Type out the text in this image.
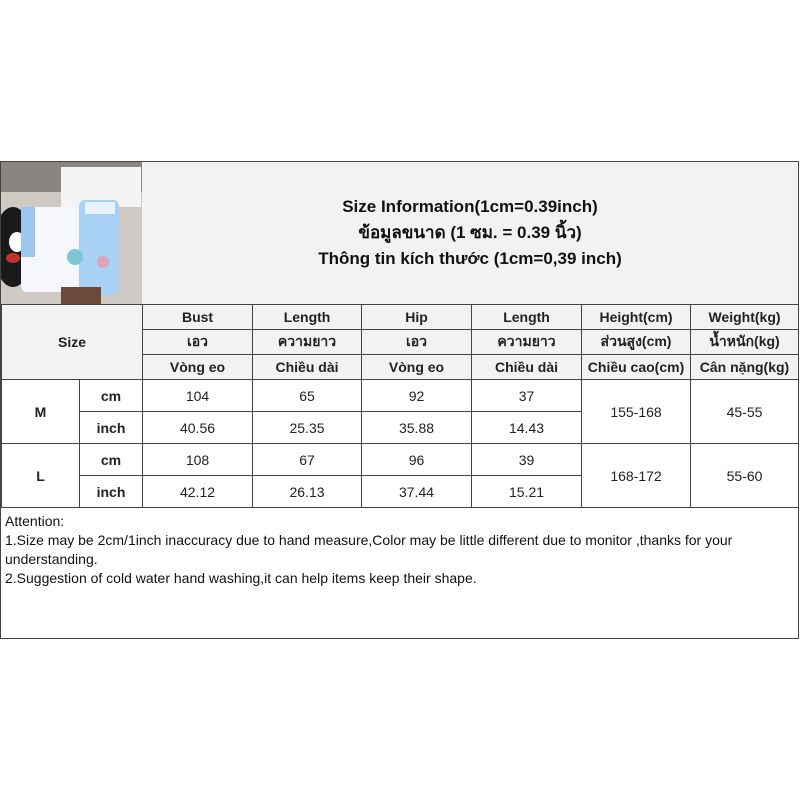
Size Information(1cm=0.39inch)
ข้อมูลขนาด (1 ซม. = 0.39 นิ้ว)
Thông tin kích thước (1cm=0,39 inch)
Size		Bust	Length	Hip	Length	Height(cm)	Weight(kg)
		เอว	ความยาว	เอว	ความยาว	ส่วนสูง(cm)	น้ำหนัก(kg)
		Vòng eo	Chiều dài	Vòng eo	Chiều dài	Chiều cao(cm)	Cân nặng(kg)
M	cm	104	65	92	37	155-168	45-55
	inch	40.56	25.35	35.88	14.43		
L	cm	108	67	96	39	168-172	55-60
	inch	42.12	26.13	37.44	15.21		
Attention:
1.Size may be 2cm/1inch inaccuracy due to hand measure,Color may be little different due to monitor ,thanks for your understanding.
2.Suggestion of cold water hand washing,it can help items keep their shape.
